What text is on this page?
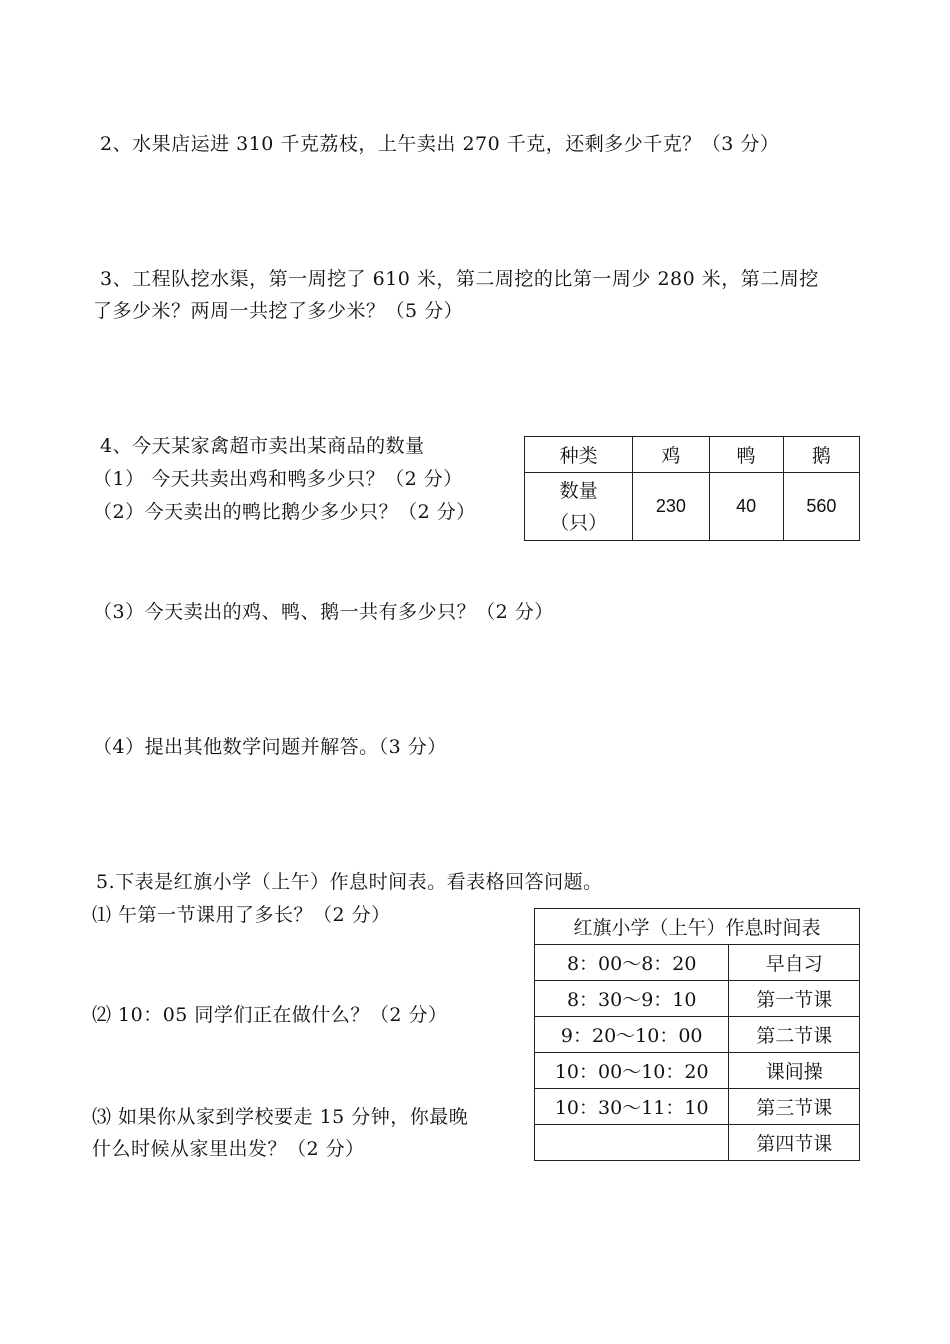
2、水果店运进 310 千克荔枝，上午卖出 270 千克，还剩多少千克？（3 分）
3、工程队挖水渠，第一周挖了 610 米，第二周挖的比第一周少 280 米，第二周挖
了多少米？两周一共挖了多少米？（5 分）
4、今天某家禽超市卖出某商品的数量
（1） 今天共卖出鸡和鸭多少只？（2 分）
（2）今天卖出的鸭比鹅少多少只？（2 分）
种类	鸡	鸭	鹅

数量
（只）	230	40	560
（3）今天卖出的鸡、鸭、鹅一共有多少只？（2 分）
（4）提出其他数学问题并解答。（3 分）
5.下表是红旗小学（上午）作息时间表。看表格回答问题。
⑴ 午第一节课用了多长？（2 分）
⑵ 10：05 同学们正在做什么？（2 分）
⑶ 如果你从家到学校要走 15 分钟，你最晚
什么时候从家里出发？（2 分）
红旗小学（上午）作息时间表	
8：00～8：20	早自习
8：30～9：10	第一节课
9：20～10：00	第二节课
10：00～10：20	课间操
10：30～11：10	第三节课
	第四节课
